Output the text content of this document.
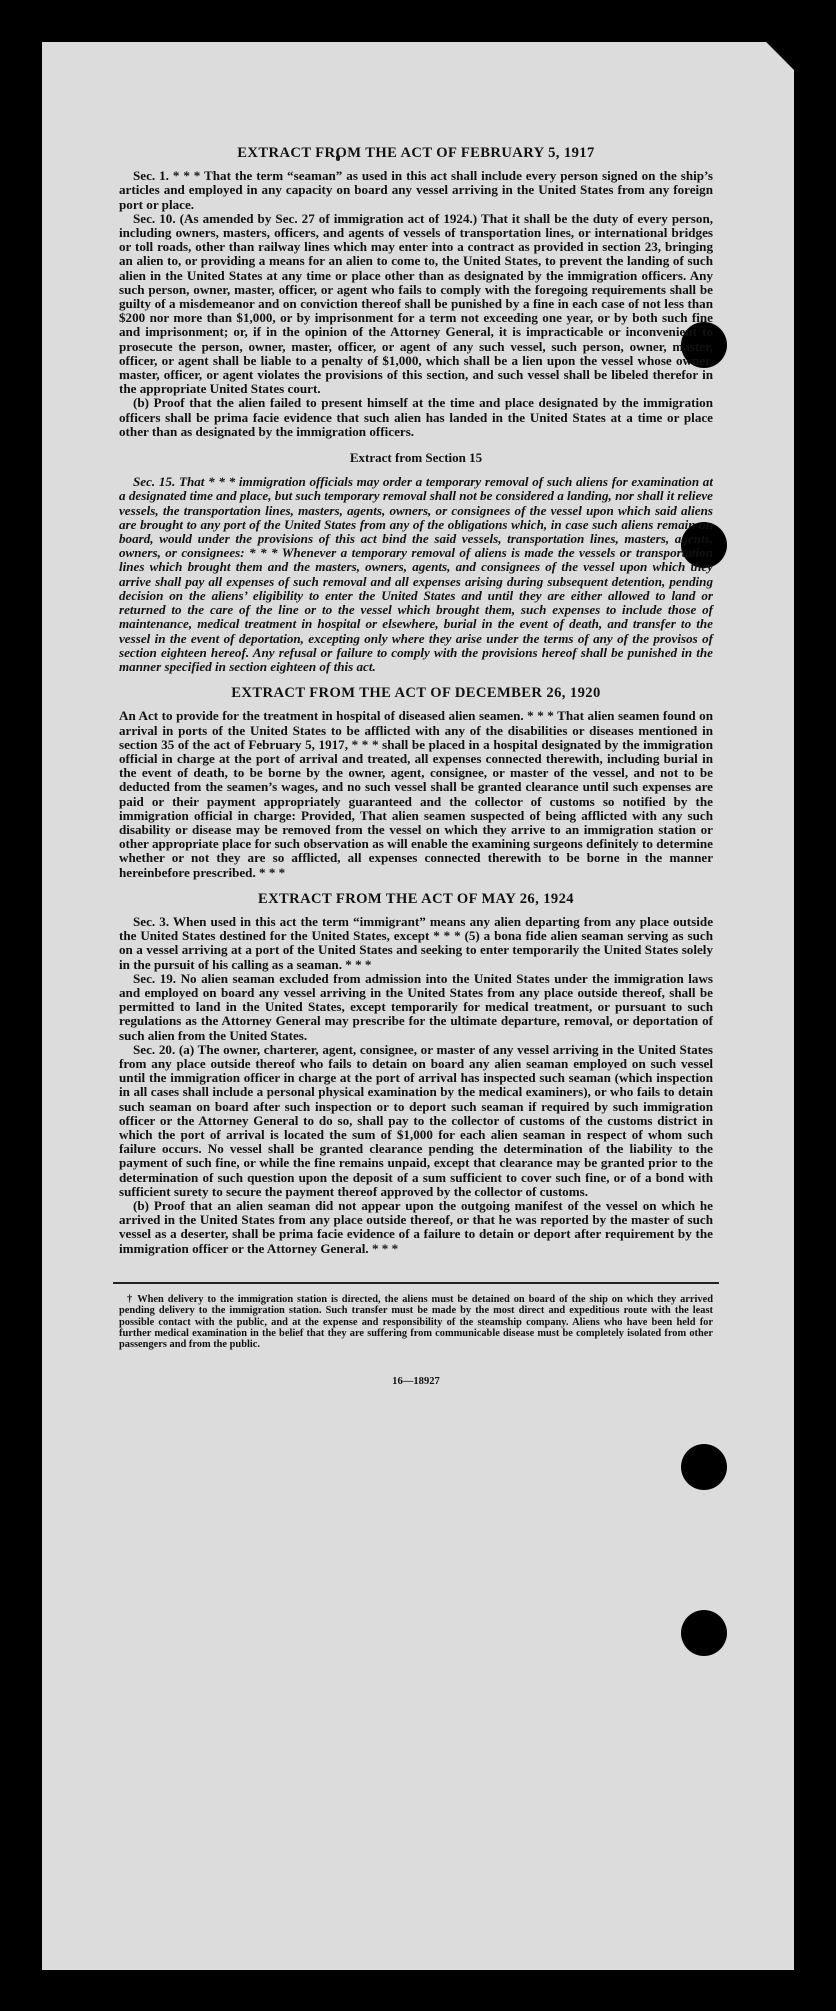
EXTRACT FROM THE ACT OF FEBRUARY 5, 1917

Sec. 1. * * * That the term “seaman” as used in this act shall include every person signed on the ship’s articles and employed in any capacity on board any vessel arriving in the United States from any foreign port or place.

Sec. 10. (As amended by Sec. 27 of immigration act of 1924.) That it shall be the duty of every person, including owners, masters, officers, and agents of vessels of transportation lines, or international bridges or toll roads, other than railway lines which may enter into a contract as provided in section 23, bringing an alien to, or providing a means for an alien to come to, the United States, to prevent the landing of such alien in the United States at any time or place other than as designated by the immigration officers. Any such person, owner, master, officer, or agent who fails to comply with the foregoing requirements shall be guilty of a misdemeanor and on conviction thereof shall be punished by a fine in each case of not less than $200 nor more than $1,000, or by imprisonment for a term not exceeding one year, or by both such fine and imprisonment; or, if in the opinion of the Attorney General, it is impracticable or inconvenient to prosecute the person, owner, master, officer, or agent of any such vessel, such person, owner, master, officer, or agent shall be liable to a penalty of $1,000, which shall be a lien upon the vessel whose owner, master, officer, or agent violates the provisions of this section, and such vessel shall be libeled therefor in the appropriate United States court.

(b) Proof that the alien failed to present himself at the time and place designated by the immigration officers shall be prima facie evidence that such alien has landed in the United States at a time or place other than as designated by the immigration officers.

Extract from Section 15

Sec. 15. That * * * immigration officials may order a temporary removal of such aliens for examination at a designated time and place, but such temporary removal shall not be considered a landing, nor shall it relieve vessels, the transportation lines, masters, agents, owners, or consignees of the vessel upon which said aliens are brought to any port of the United States from any of the obligations which, in case such aliens remain on board, would under the provisions of this act bind the said vessels, transportation lines, masters, agents, owners, or consignees: * * * Whenever a temporary removal of aliens is made the vessels or transportation lines which brought them and the masters, owners, agents, and consignees of the vessel upon which they arrive shall pay all expenses of such removal and all expenses arising during subsequent detention, pending decision on the aliens’ eligibility to enter the United States and until they are either allowed to land or returned to the care of the line or to the vessel which brought them, such expenses to include those of maintenance, medical treatment in hospital or elsewhere, burial in the event of death, and transfer to the vessel in the event of deportation, excepting only where they arise under the terms of any of the provisos of section eighteen hereof. Any refusal or failure to comply with the provisions hereof shall be punished in the manner specified in section eighteen of this act.

EXTRACT FROM THE ACT OF DECEMBER 26, 1920

An Act to provide for the treatment in hospital of diseased alien seamen. * * * That alien seamen found on arrival in ports of the United States to be afflicted with any of the disabilities or diseases mentioned in section 35 of the act of February 5, 1917, * * * shall be placed in a hospital designated by the immigration official in charge at the port of arrival and treated, all expenses connected therewith, including burial in the event of death, to be borne by the owner, agent, consignee, or master of the vessel, and not to be deducted from the seamen’s wages, and no such vessel shall be granted clearance until such expenses are paid or their payment appropriately guaranteed and the collector of customs so notified by the immigration official in charge: Provided, That alien seamen suspected of being afflicted with any such disability or disease may be removed from the vessel on which they arrive to an immigration station or other appropriate place for such observation as will enable the examining surgeons definitely to determine whether or not they are so afflicted, all expenses connected therewith to be borne in the manner hereinbefore prescribed. * * *

EXTRACT FROM THE ACT OF MAY 26, 1924

Sec. 3. When used in this act the term “immigrant” means any alien departing from any place outside the United States destined for the United States, except * * * (5) a bona fide alien seaman serving as such on a vessel arriving at a port of the United States and seeking to enter temporarily the United States solely in the pursuit of his calling as a seaman. * * *

Sec. 19. No alien seaman excluded from admission into the United States under the immigration laws and employed on board any vessel arriving in the United States from any place outside thereof, shall be permitted to land in the United States, except temporarily for medical treatment, or pursuant to such regulations as the Attorney General may prescribe for the ultimate departure, removal, or deportation of such alien from the United States.

Sec. 20. (a) The owner, charterer, agent, consignee, or master of any vessel arriving in the United States from any place outside thereof who fails to detain on board any alien seaman employed on such vessel until the immigration officer in charge at the port of arrival has inspected such seaman (which inspection in all cases shall include a personal physical examination by the medical examiners), or who fails to detain such seaman on board after such inspection or to deport such seaman if required by such immigration officer or the Attorney General to do so, shall pay to the collector of customs of the customs district in which the port of arrival is located the sum of $1,000 for each alien seaman in respect of whom such failure occurs. No vessel shall be granted clearance pending the determination of the liability to the payment of such fine, or while the fine remains unpaid, except that clearance may be granted prior to the determination of such question upon the deposit of a sum sufficient to cover such fine, or of a bond with sufficient surety to secure the payment thereof approved by the collector of customs.

(b) Proof that an alien seaman did not appear upon the outgoing manifest of the vessel on which he arrived in the United States from any place outside thereof, or that he was reported by the master of such vessel as a deserter, shall be prima facie evidence of a failure to detain or deport after requirement by the immigration officer or the Attorney General. * * *

† When delivery to the immigration station is directed, the aliens must be detained on board of the ship on which they arrived pending delivery to the immigration station. Such transfer must be made by the most direct and expeditious route with the least possible contact with the public, and at the expense and responsibility of the steamship company. Aliens who have been held for further medical examination in the belief that they are suffering from communicable disease must be completely isolated from other passengers and from the public.

16—18927
